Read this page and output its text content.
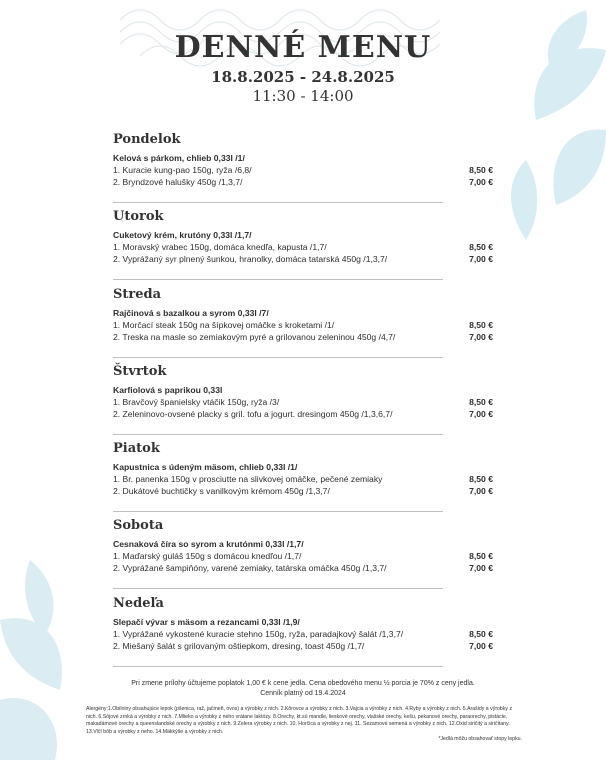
DENNÉ MENU
18.8.2025 - 24.8.2025
11:30 - 14:00
Pondelok
Kelová s párkom, chlieb 0,33l /1/
1. Kuracie kung-pao 150g, ryža /6,8/	8,50 €
2. Bryndzové halušky 450g /1,3,7/	7,00 €
Utorok
Cuketový krém, krutóny 0,33l /1,7/
1. Moravský vrabec 150g, domáca knedľa, kapusta /1,7/	8,50 €
2. Vyprážaný syr plnený šunkou, hranolky, domáca tatarská 450g /1,3,7/	7,00 €
Streda
Rajčinová s bazalkou a syrom 0,33l /7/
1. Morčací steak 150g na šípkovej omáčke s kroketami /1/	8,50 €
2. Treska na masle so zemiakovým pyré a grilovanou zeleninou 450g /4,7/	7,00 €
Štvrtok
Karfiolová s paprikou 0,33l
1. Bravčový španielsky vtáčik 150g, ryža /3/	8,50 €
2. Zeleninovo-ovsené placky s gril. tofu a jogurt. dresingom 450g /1,3,6,7/	7,00 €
Piatok
Kapustnica s údeným mäsom, chlieb 0,33l /1/
1. Br. panenka 150g v prosciutte na slivkovej omáčke, pečené zemiaky	8,50 €
2. Dukátové buchtičky s vanilkovým krémom 450g /1,3,7/	7,00 €
Sobota
Cesnaková číra so syrom a krutónmi 0,33l /1,7/
1. Maďarský guláš 150g s domácou knedľou /1,7/	8,50 €
2. Vyprážané šampiňóny, varené zemiaky, tatárska omáčka 450g /1,3,7/	7,00 €
Nedeľa
Slepačí vývar s mäsom a rezancami 0,33l /1,9/
1. Vyprážané vykostené kuracie stehno 150g, ryža, paradajkový šalát /1,3,7/	8,50 €
2. Miešaný šalát s grilovaným oštiepkom, dresing, toast 450g /1,7/	7,00 €
Pri zmene prílohy účtujeme poplatok 1,00 € k cene jedla. Cena obedového menu ½ porcia je 70% z ceny jedla.
Cenník platný od 19.4.2024
Alergény:1.Obilniny obsahujúce lepok (pšenica, raž, jačmeň, ovos) a výrobky z nich. 2.Kôrovce a výrobky z nich. 3.Vajcia a výrobky z nich. 4.Ryby a výrobky z nich. 5.Arašidy a výrobky z nich. 6.Sójové zrnká a výrobky z nich. 7.Mlieko a výrobky z neho vrátane laktózy. 8.Orechy, kt.sú mandle, lieskové orechy, vlašské orechy, kešu, pekanové orechy, paraorechy, pistácie, makadámové orechy a queenslandské orechy a výrobky z nich. 9.Zelera výrobky z nich. 10. Horčica a výrobky z nej. 11. Sezamové semená a výrobky z nich. 12.Oxid siričitý a siričitany. 13.Vlčí bôb a výrobky z neho. 14.Mäkkýše a výrobky z nich.
*Jedlá môžu obsahovať stopy lepku.
